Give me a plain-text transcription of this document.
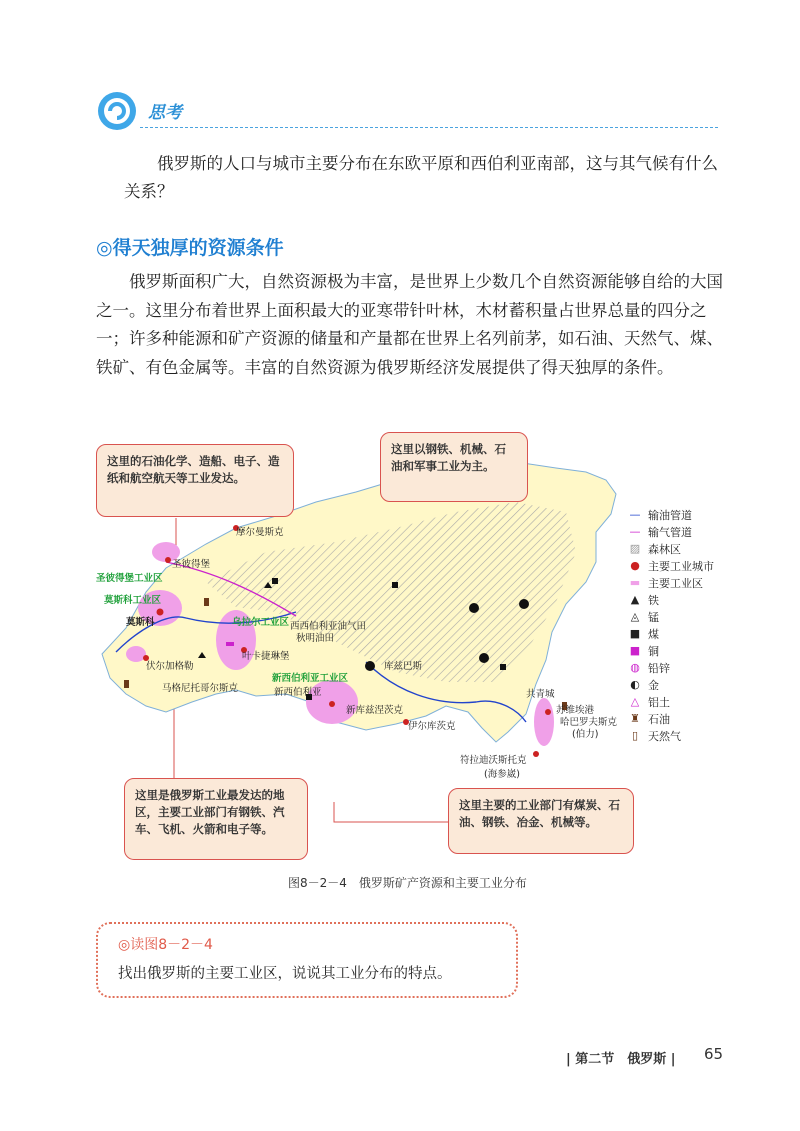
思考
俄罗斯的人口与城市主要分布在东欧平原和西伯利亚南部，这与其气候有什么关系？
◎得天独厚的资源条件
俄罗斯面积广大，自然资源极为丰富，是世界上少数几个自然资源能够自给的大国之一。这里分布着世界上面积最大的亚寒带针叶林，木材蓄积量占世界总量的四分之一；许多种能源和矿产资源的储量和产量都在世界上名列前茅，如石油、天然气、煤、铁矿、有色金属等。丰富的自然资源为俄罗斯经济发展提供了得天独厚的条件。
摩尔曼斯克
圣彼得堡
莫斯科
伏尔加格勒
马格尼托哥尔斯克
叶卡捷琳堡
新西伯利亚
新库兹涅茨克
伊尔库茨克
库兹巴斯
共青城
苏维埃港
哈巴罗夫斯克
(伯力)
符拉迪沃斯托克
(海参崴)
秋明油田
西西伯利亚油气田
圣彼得堡工业区
莫斯科工业区
乌拉尔工业区
新西伯利亚工业区
这里的石油化学、造船、电子、造纸和航空航天等工业发达。
这里以钢铁、机械、石油和军事工业为主。
这里是俄罗斯工业最发达的地区，主要工业部门有钢铁、汽车、飞机、火箭和电子等。
这里主要的工业部门有煤炭、石油、钢铁、冶金、机械等。
— 输油管道
— 输气管道
▨ 森林区
● 主要工业城市
▬ 主要工业区
▲ 铁
◬ 锰
■ 煤
■ 铜
◍ 铅锌
◐ 金
△ 铝土
♜ 石油
▯ 天然气
图8－2－4　俄罗斯矿产资源和主要工业分布
◎读图8－2－4
找出俄罗斯的主要工业区，说说其工业分布的特点。
| 第二节　俄罗斯 | 65
